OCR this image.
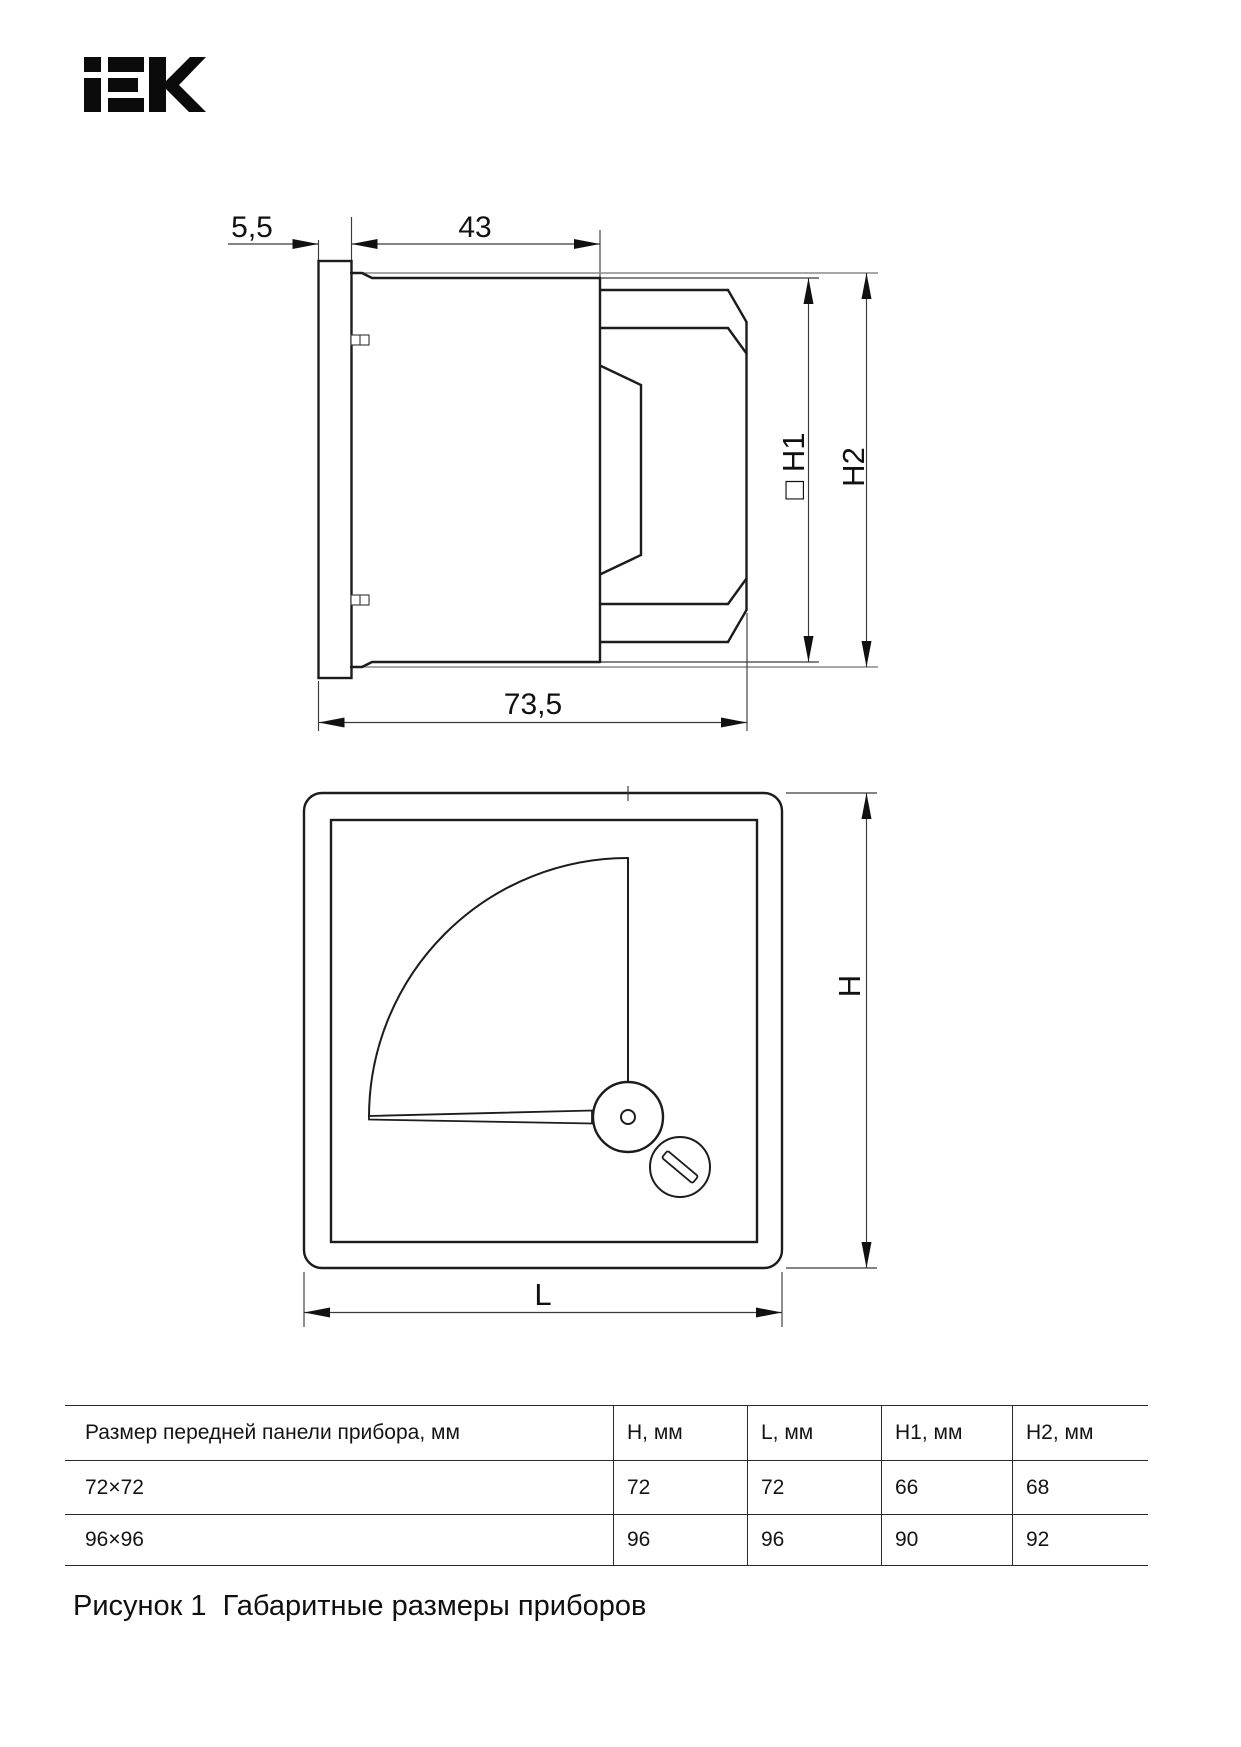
5,5	43
73,5
□ H1 H2
H
L
Размер передней панели прибора, мм	H, мм	L, мм	H1, мм	H2, мм
72×72	72	72	66	68
96×96	96	96	90	92
Рисунок 1  Габаритные размеры приборов
